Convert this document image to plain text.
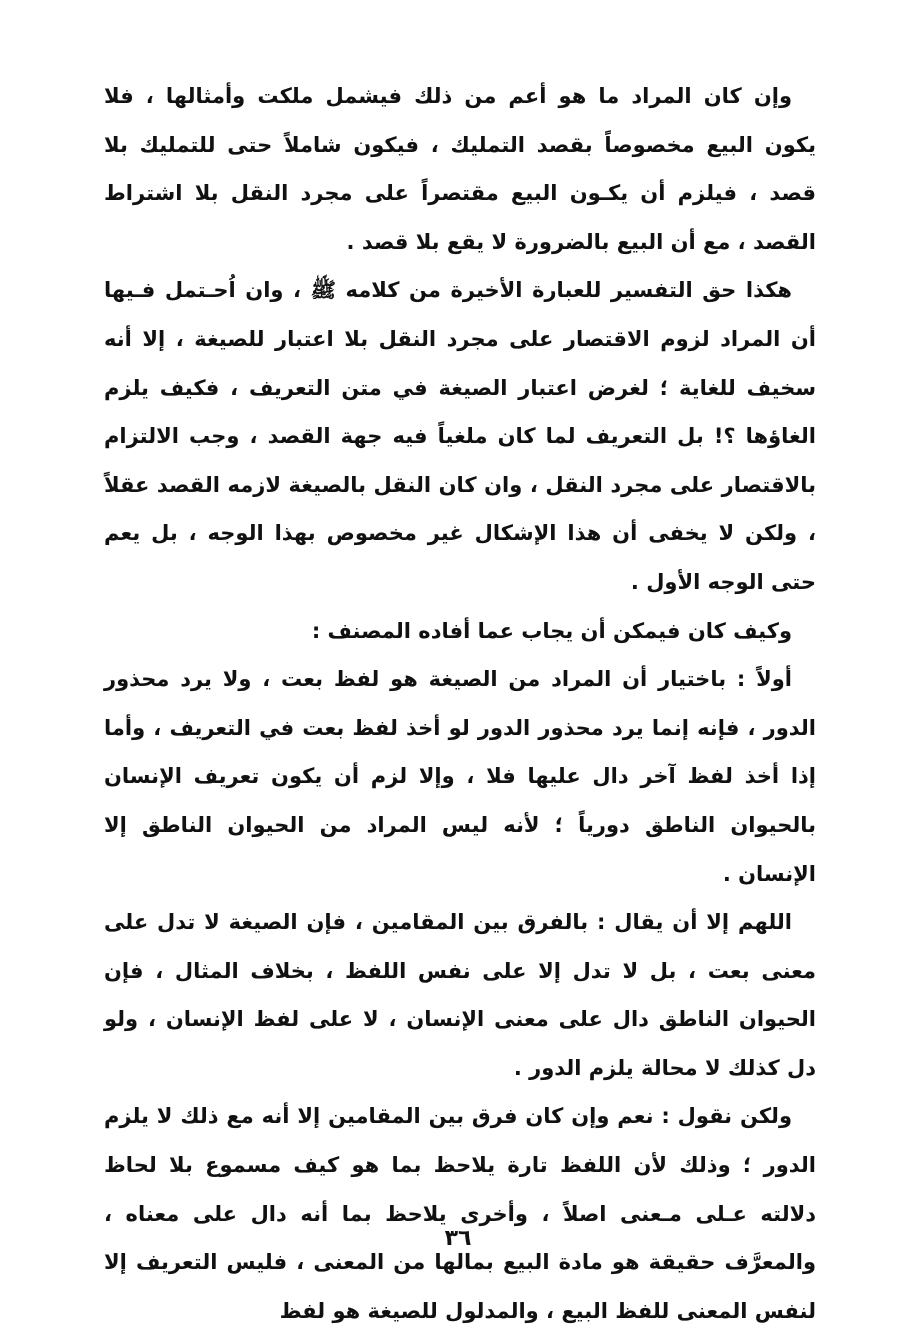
وإن كان المراد ما هو أعم من ذلك فيشمل ملكت وأمثالها ، فلا يكون البيع مخصوصاً بقصد التمليك ، فيكون شاملاً حتى للتمليك بلا قصد ، فيلزم أن يكـون البيع مقتصراً على مجرد النقل بلا اشتراط القصد ، مع أن البيع بالضرورة لا يقع بلا قصد .

هكذا حق التفسير للعبارة الأخيرة من كلامه ﷺ ، وان اُحـتمل فـيها أن المراد لزوم الاقتصار على مجرد النقل بلا اعتبار للصيغة ، إلا أنه سخيف للغاية ؛ لغرض اعتبار الصيغة في متن التعريف ، فكيف يلزم الغاؤها ؟! بل التعريف لما كان ملغياً فيه جهة القصد ، وجب الالتزام بالاقتصار على مجرد النقل ، وان كان النقل بالصيغة لازمه القصد عقلاً ، ولكن لا يخفى أن هذا الإشكال غير مخصوص بهذا الوجه ، بل يعم حتى الوجه الأول .

وكيف كان فيمكن أن يجاب عما أفاده المصنف :

أولاً : باختيار أن المراد من الصيغة هو لفظ بعت ، ولا يرد محذور الدور ، فإنه إنما يرد محذور الدور لو أخذ لفظ بعت في التعريف ، وأما إذا أخذ لفظ آخر دال عليها فلا ، وإلا لزم أن يكون تعريف الإنسان بالحيوان الناطق دورياً ؛ لأنه ليس المراد من الحيوان الناطق إلا الإنسان .

اللهم إلا أن يقال : بالفرق بين المقامين ، فإن الصيغة لا تدل على معنى بعت ، بل لا تدل إلا على نفس اللفظ ، بخلاف المثال ، فإن الحيوان الناطق دال على معنى الإنسان ، لا على لفظ الإنسان ، ولو دل كذلك لا محالة يلزم الدور .

ولكن نقول : نعم وإن كان فرق بين المقامين إلا أنه مع ذلك لا يلزم الدور ؛ وذلك لأن اللفظ تارة يلاحظ بما هو كيف مسموع بلا لحاظ دلالته عـلى مـعنى اصلاً ، وأخرى يلاحظ بما أنه دال على معناه ، والمعرَّف حقيقة هو مادة البيع بمالها من المعنى ، فليس التعريف إلا لنفس المعنى للفظ البيع ، والمدلول للصيغة هو لفظ

٣٦
